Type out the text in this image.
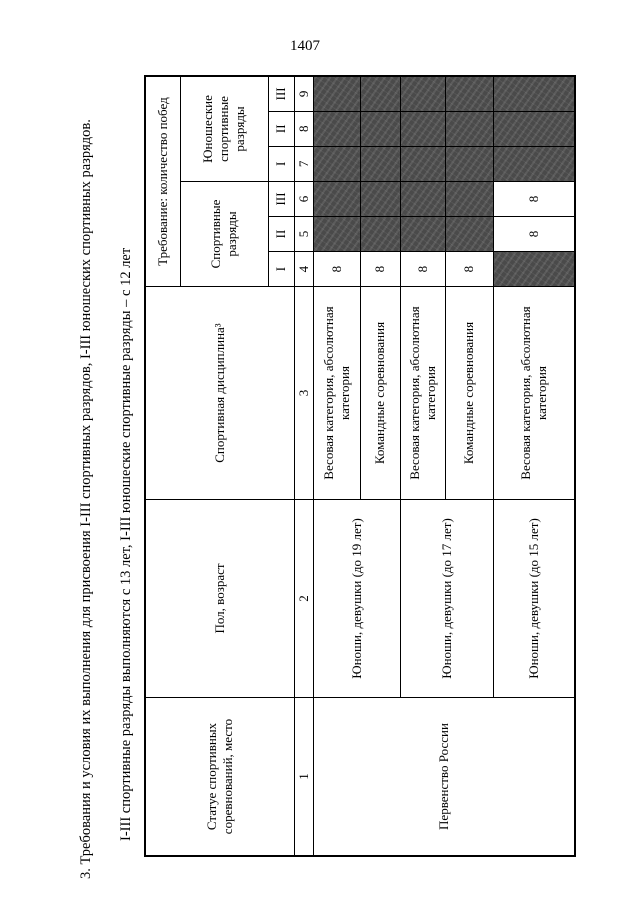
1407
3. Требования и условия их выполнения для присвоения I-III спортивных разрядов, I-III юношеских спортивных разрядов. I-III спортивные разряды выполняются с 13 лет, I-III юношеские спортивные разряды – с 12 лет	Статуе спортивных соревнований, место	Пол, возраст	Спортивная дисциплина³	Требование: количество побед					
			Спортивные разряды			Юношеские спортивные разряды		
			I	II	III	I	II	III
1	2	3	4	5	6	7	8	9
Первенство России	Юноши, девушки (до 19 лет)	Весовая категория, абсолютная категория	8					
		Командные соревнования	8					
	Юноши, девушки (до 17 лет)	Весовая категория, абсолютная категория	8					
		Командные соревнования	8					
	Юноши, девушки (до 15 лет)	Весовая категория, абсолютная категория		8	8			
